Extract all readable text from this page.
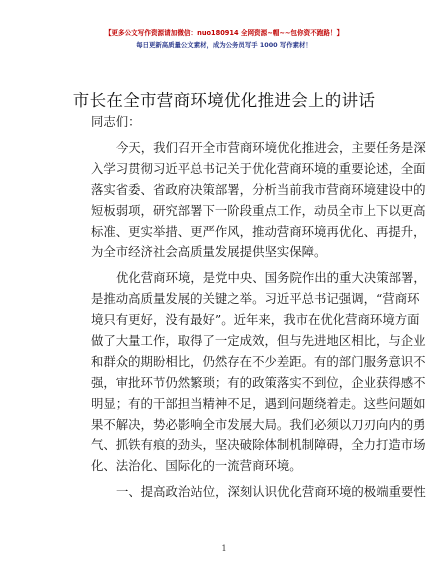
【更多公文写作资源请加微信：nuo180914 全网资源~帽~~包你资不跑路！】
每日更新高质量公文素材，成为公务员写手 1000 写作素材！
市长在全市营商环境优化推进会上的讲话
同志们：
今天，我们召开全市营商环境优化推进会，主要任务是深
入学习贯彻习近平总书记关于优化营商环境的重要论述，全面
落实省委、省政府决策部署，分析当前我市营商环境建设中的
短板弱项，研究部署下一阶段重点工作，动员全市上下以更高
标准、更实举措、更严作风，推动营商环境再优化、再提升，
为全市经济社会高质量发展提供坚实保障。
优化营商环境，是党中央、国务院作出的重大决策部署，
是推动高质量发展的关键之举。习近平总书记强调，“营商环
境只有更好，没有最好”。近年来，我市在优化营商环境方面
做了大量工作，取得了一定成效，但与先进地区相比，与企业
和群众的期盼相比，仍然存在不少差距。有的部门服务意识不
强，审批环节仍然繁琐；有的政策落实不到位，企业获得感不
明显；有的干部担当精神不足，遇到问题绕着走。这些问题如
果不解决，势必影响全市发展大局。我们必须以刀刃向内的勇
气、抓铁有痕的劲头，坚决破除体制机制障碍，全力打造市场
化、法治化、国际化的一流营商环境。
一、提高政治站位，深刻认识优化营商环境的极端重要性
1
